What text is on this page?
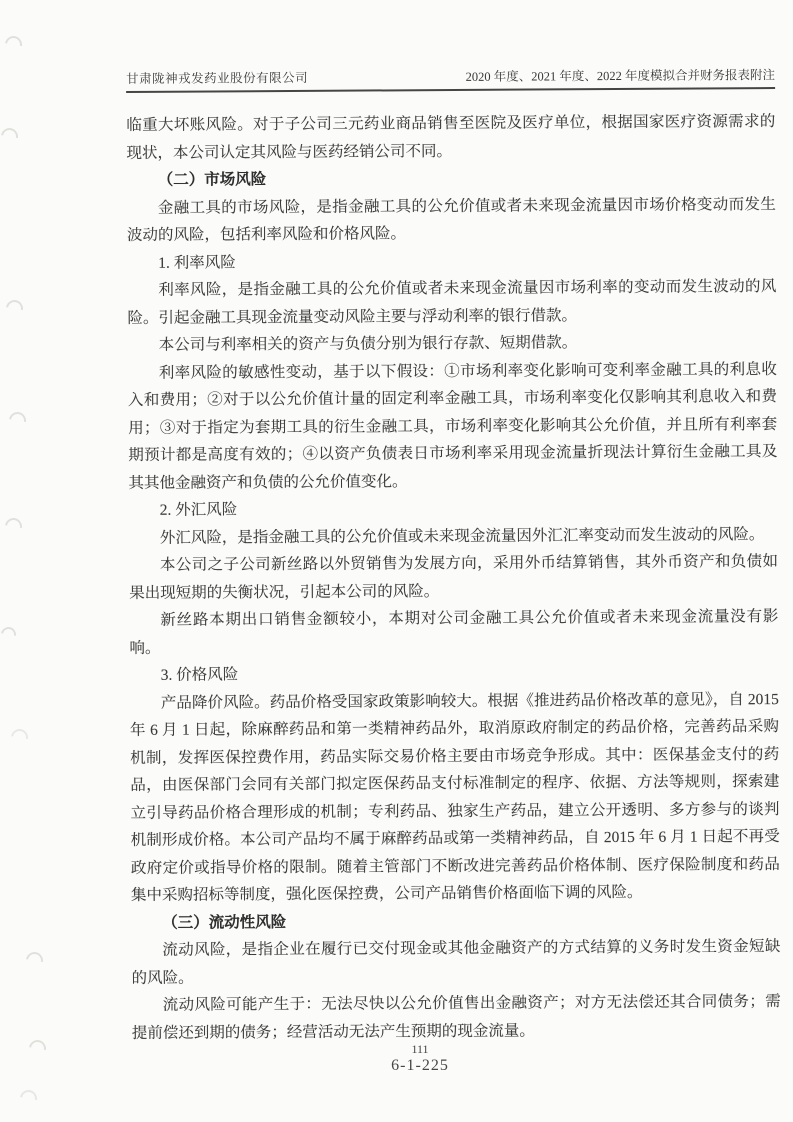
甘肃陇神戎发药业股份有限公司	2020 年度、2021 年度、2022 年度模拟合并财务报表附注

临重大坏账风险。对于子公司三元药业商品销售至医院及医疗单位，根据国家医疗资源需求的现状，本公司认定其风险与医药经销公司不同。

（二）市场风险

金融工具的市场风险，是指金融工具的公允价值或者未来现金流量因市场价格变动而发生波动的风险，包括利率风险和价格风险。

1. 利率风险

利率风险，是指金融工具的公允价值或者未来现金流量因市场利率的变动而发生波动的风险。引起金融工具现金流量变动风险主要与浮动利率的银行借款。

本公司与利率相关的资产与负债分别为银行存款、短期借款。

利率风险的敏感性变动，基于以下假设：①市场利率变化影响可变利率金融工具的利息收入和费用；②对于以公允价值计量的固定利率金融工具，市场利率变化仅影响其利息收入和费用；③对于指定为套期工具的衍生金融工具，市场利率变化影响其公允价值，并且所有利率套期预计都是高度有效的；④以资产负债表日市场利率采用现金流量折现法计算衍生金融工具及其其他金融资产和负债的公允价值变化。

2. 外汇风险

外汇风险，是指金融工具的公允价值或未来现金流量因外汇汇率变动而发生波动的风险。

本公司之子公司新丝路以外贸销售为发展方向，采用外币结算销售，其外币资产和负债如果出现短期的失衡状况，引起本公司的风险。

新丝路本期出口销售金额较小，本期对公司金融工具公允价值或者未来现金流量没有影响。

3. 价格风险

产品降价风险。药品价格受国家政策影响较大。根据《推进药品价格改革的意见》，自 2015 年 6 月 1 日起，除麻醉药品和第一类精神药品外，取消原政府制定的药品价格，完善药品采购机制，发挥医保控费作用，药品实际交易价格主要由市场竞争形成。其中：医保基金支付的药品，由医保部门会同有关部门拟定医保药品支付标准制定的程序、依据、方法等规则，探索建立引导药品价格合理形成的机制；专利药品、独家生产药品，建立公开透明、多方参与的谈判机制形成价格。本公司产品均不属于麻醉药品或第一类精神药品，自 2015 年 6 月 1 日起不再受政府定价或指导价格的限制。随着主管部门不断改进完善药品价格体制、医疗保险制度和药品集中采购招标等制度，强化医保控费，公司产品销售价格面临下调的风险。

（三）流动性风险

流动风险，是指企业在履行已交付现金或其他金融资产的方式结算的义务时发生资金短缺的风险。

流动风险可能产生于：无法尽快以公允价值售出金融资产；对方无法偿还其合同债务；需提前偿还到期的债务；经营活动无法产生预期的现金流量。

111
6-1-225
